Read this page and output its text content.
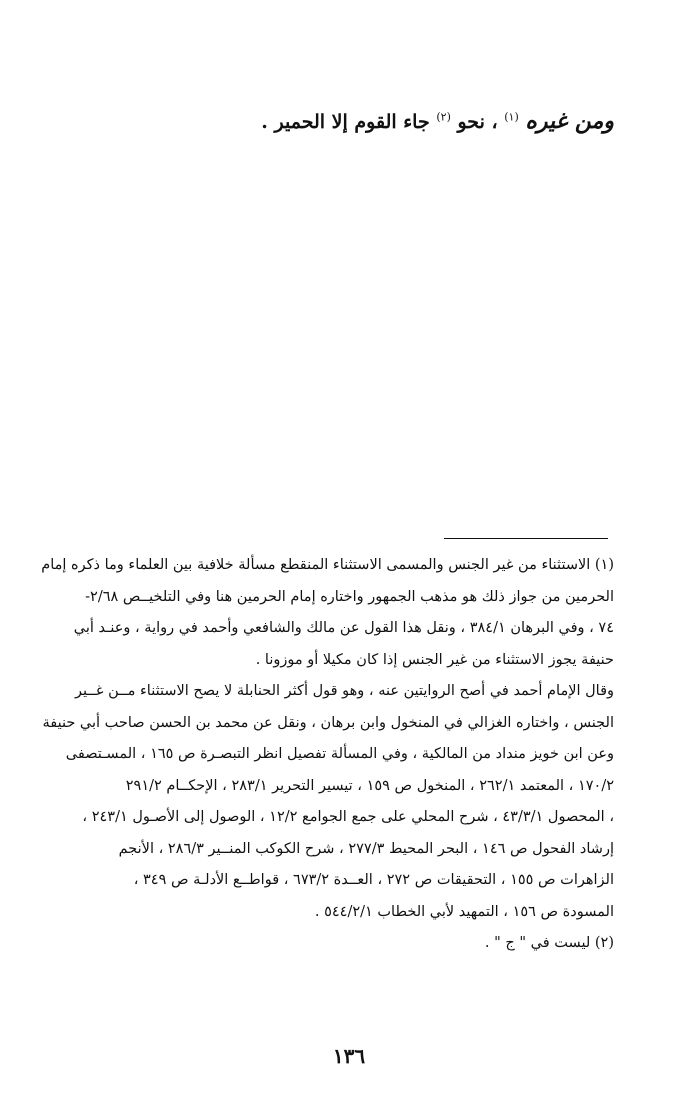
ومن غيره $^{(١)}$ ، نحو $^{(٢)}$ جاء القوم إلا الحمير .
(١) الاستثناء من غير الجنس والمسمى الاستثناء المنقطع مسألة خلافية بين العلماء وما ذكره إمام
الحرمين من جواز ذلك هو مذهب الجمهور واختاره إمام الحرمين هنا وفي التلخيــص ٢/٦٨-
٧٤ ، وفي البرهان ٣٨٤/١ ، ونقل هذا القول عن مالك والشافعي وأحمد في رواية ، وعنـد أبي
حنيفة يجوز الاستثناء من غير الجنس إذا كان مكيلا أو موزونا .
وقال الإمام أحمد في أصح الروايتين عنه ، وهو قول أكثر الحنابلة لا يصح الاستثناء مــن غــير
الجنس ، واختاره الغزالي في المنخول وابن برهان ، ونقل عن محمد بن الحسن صاحب أبي حنيفة
وعن ابن خويز منداد من المالكية ، وفي المسألة تفصيل انظر التبصـرة ص ١٦٥ ، المسـتصفى
١٧٠/٢ ، المعتمد ٢٦٢/١ ، المنخول ص ١٥٩ ، تيسير التحرير ٢٨٣/١ ، الإحكــام ٢٩١/٢
، المحصول ٤٣/٣/١ ، شرح المحلي على جمع الجوامع ١٢/٢ ، الوصول إلى الأصـول ٢٤٣/١ ،
إرشاد الفحول ص ١٤٦ ، البحر المحيط ٢٧٧/٣ ، شرح الكوكب المنــير ٢٨٦/٣ ، الأنجم
الزاهرات ص ١٥٥ ، التحقيقات ص ٢٧٢ ، العــدة ٦٧٣/٢ ، قواطــع الأدلـة ص ٣٤٩ ،
المسودة ص ١٥٦ ، التمهيد لأبي الخطاب ٥٤٤/٢/١ .
(٢) ليست في " ج " .
١٣٦
